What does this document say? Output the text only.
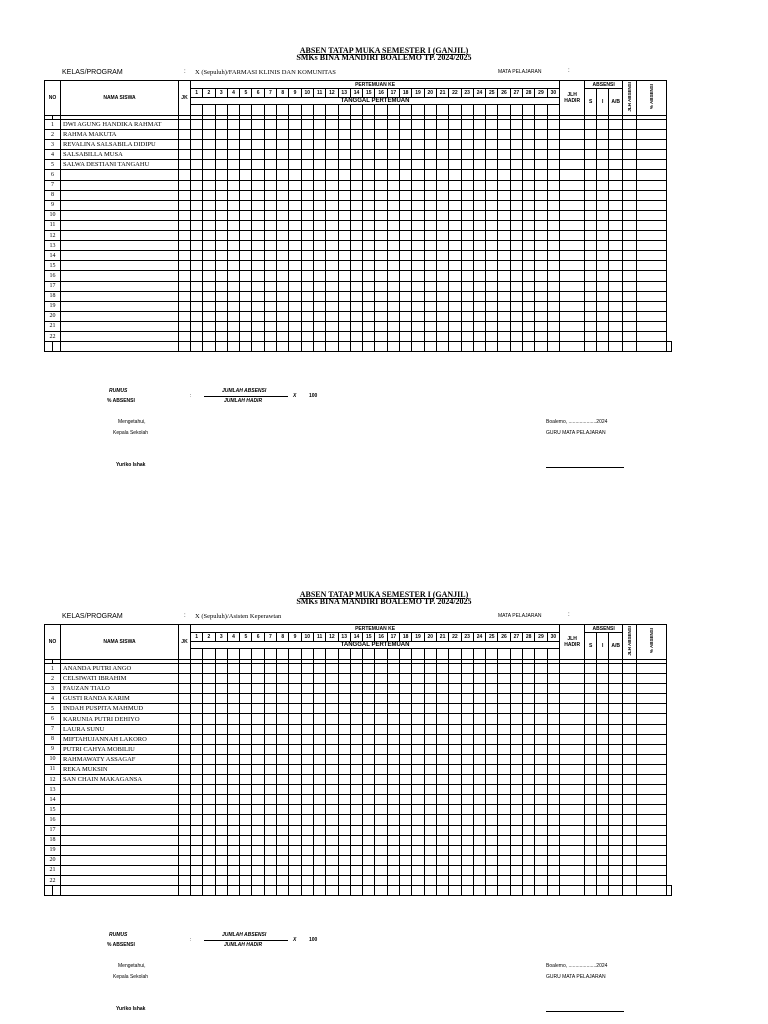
ABSEN TATAP MUKA SEMESTER I (GANJIL)
SMKs BINA MANDIRI BOALEMO TP. 2024/2025
KELAS/PROGRAM	: X (Sepuluh)/FARMASI KLINIS DAN KOMUNITAS	MATA PELAJARAN	:
NO		NAMA SISWA	JK	PERTEMUAN KE																														JLH HADIR	ABSENSI			JLH ABSENSI	% ABSENSI	
				1	2	3	4	5	6	7	8	9	10	11	12	13	14	15	16	17	18	19	20	21	22	23	24	25	26	27	28	29	30		S	I	A/B			
				TANGGAL PERTEMUAN																																				

1		DWI AGUNG HANDIKA RAHMAT																																						
2		RAHMA MAKUTA																																						
3		REVALINA SALSABILA DIDIPU																																						
4		SALSABILLA MUSA																																						
5		SALWA DESTIANI TANGAHU																																						
6																																								
7																																								
8																																								
9																																								
10																																								
11																																								
12																																								
13																																								
14																																								
15																																								
16																																								
17																																								
18																																								
19																																								
20																																								
21																																								
22																																								

RUMUS
% ABSENSI
:
JUMLAH ABSENSI
JUMLAH HADIR
X	100
Mengetahui,
Kepala Sekolah
Yuriko Ishak
Boalemo, ....................2024
GURU MATA PELAJARAN
ABSEN TATAP MUKA SEMESTER I (GANJIL)
SMKs BINA MANDIRI BOALEMO TP. 2024/2025
KELAS/PROGRAM	: X (Sepuluh)/Asisten Keperawtan	MATA PELAJARAN	:
NO		NAMA SISWA	JK	PERTEMUAN KE																														JLH HADIR	ABSENSI			JLH ABSENSI	% ABSENSI	
				1	2	3	4	5	6	7	8	9	10	11	12	13	14	15	16	17	18	19	20	21	22	23	24	25	26	27	28	29	30		S	I	A/B			
				TANGGAL PERTEMUAN																																				

1		ANANDA PUTRI ANGO																																						
2		CELSIWATI IBRAHIM																																						
3		FAUZAN TIALO																																						
4		GUSTI RANDA KARIM																																						
5		INDAH PUSPITA MAHMUD																																						
6		KARUNIA PUTRI DEHIYO																																						
7		LAURA SUNU																																						
8		MIFTAHUJANNAH LAKORO																																						
9		PUTRI CAHYA MOBILIU																																						
10		RAHMAWATY ASSAGAF																																						
11		REKA MUKSIN																																						
12		SAN CHAIN MAKAGANSA																																						
13																																								
14																																								
15																																								
16																																								
17																																								
18																																								
19																																								
20																																								
21																																								
22																																								

RUMUS
% ABSENSI
:
JUMLAH ABSENSI
JUMLAH HADIR
X	100
Mengetahui,
Kepala Sekolah
Yuriko Ishak
Boalemo, ....................2024
GURU MATA PELAJARAN
